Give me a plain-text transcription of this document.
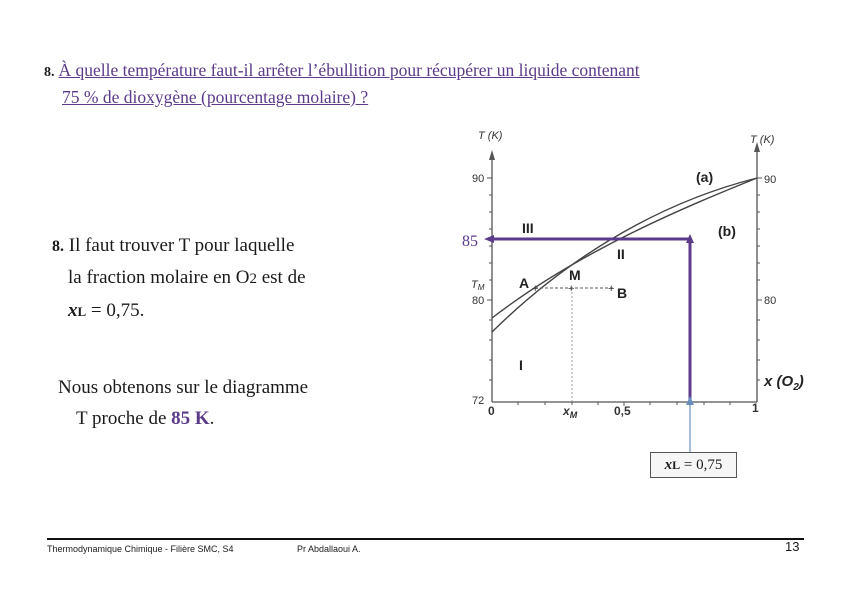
8. À quelle température faut-il arrêter l’ébullition pour récupérer un liquide contenant
75 % de dioxygène (pourcentage molaire) ?
8. Il faut trouver T pour laquelle
la fraction molaire en O2 est de
xL = 0,75.
Nous obtenons sur le diagramme
T proche de 85 K.
+	+	+
T (K)	T (K)
90	90
80	80
72
TM
0	$x_M$	0,5	1
x $(O_2)$
(a)
(b)
I
II
III
A	M
B
85
xL = 0,75
Thermodynamique Chimique - Filière SMC, S4	Pr Abdallaoui A.	13
